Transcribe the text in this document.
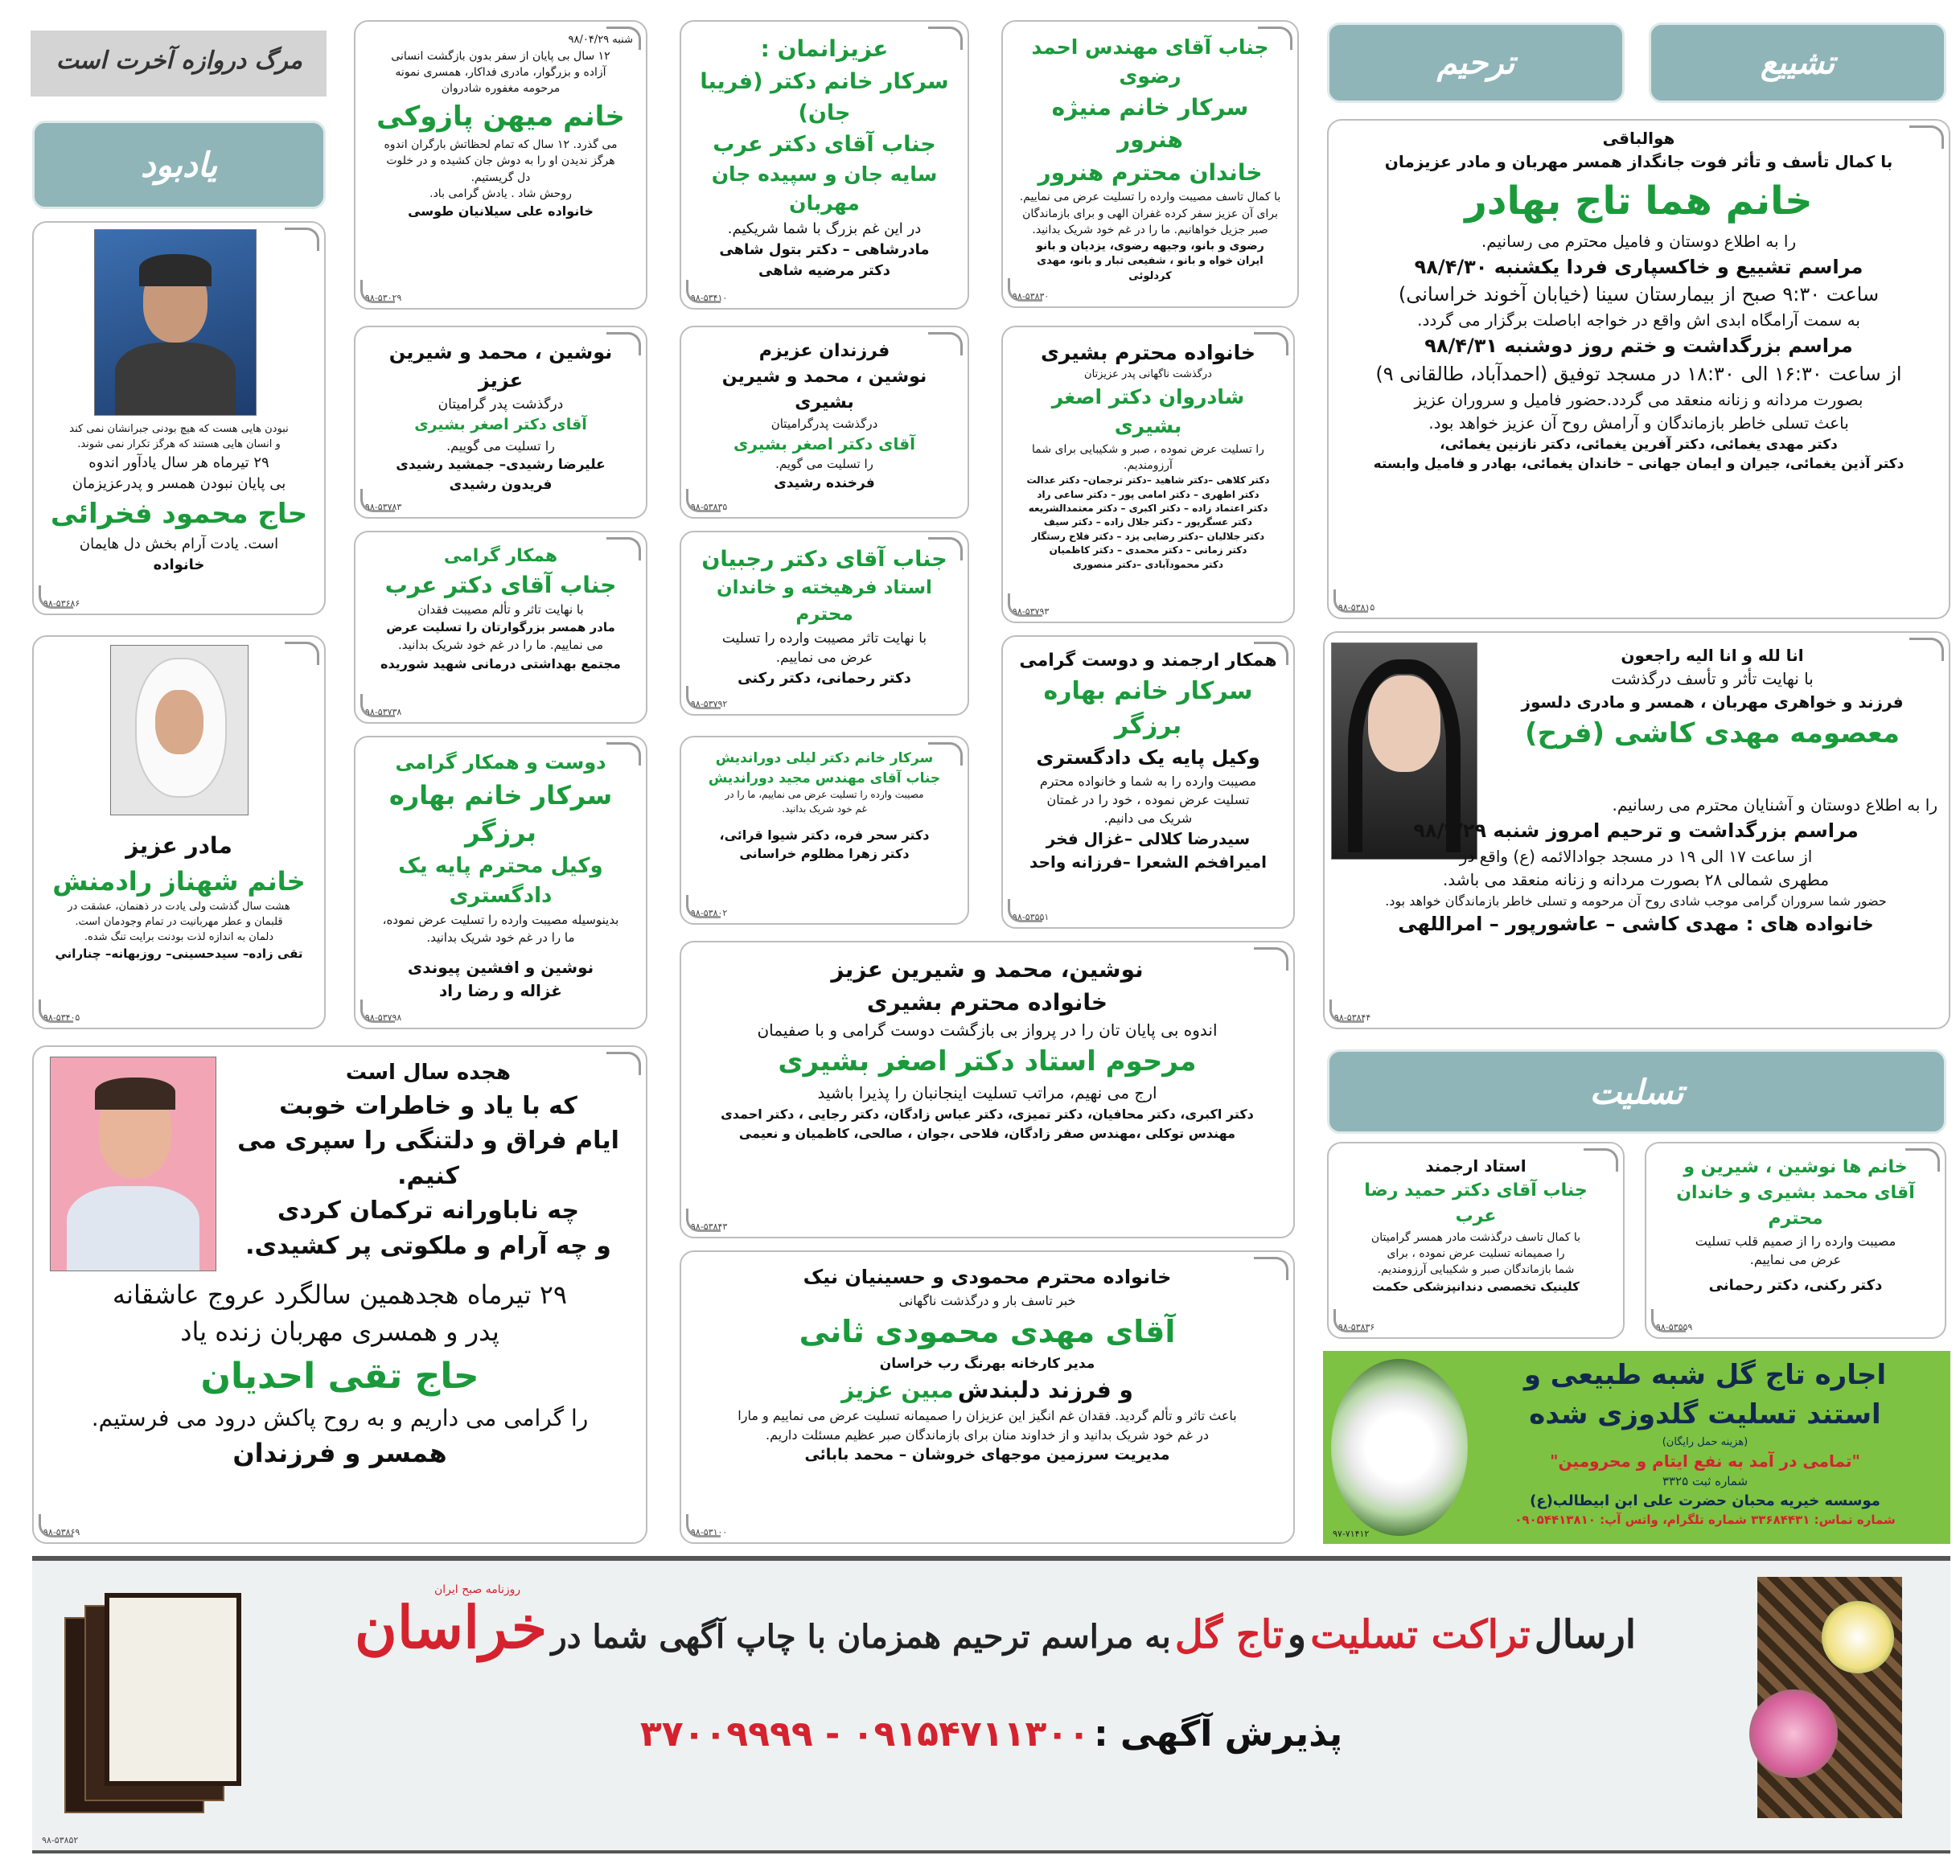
تشییع
ترحیم
مرگ دروازه آخرت است
یادبود
تسلیت
هوالباقی
با کمال تأسف و تأثر فوت جانگداز همسر مهربان و مادر عزیزمان
خانم هما تاج بهادر
را به اطلاع دوستان و فامیل محترم می رسانیم.
مراسم تشییع و خاکسپاری فردا یکشنبه ۹۸/۴/۳۰
ساعت ۹:۳۰ صبح از بیمارستان سینا (خیابان آخوند خراسانی)
به سمت آرامگاه ابدی اش واقع در خواجه اباصلت برگزار می گردد.
مراسم بزرگداشت و ختم روز دوشنبه ۹۸/۴/۳۱
از ساعت ۱۶:۳۰ الی ۱۸:۳۰ در مسجد توفیق (احمدآباد، طالقانی ۹)
بصورت مردانه و زنانه منعقد می گردد.حضور فامیل و سروران عزیز
باعث تسلی خاطر بازماندگان و آرامش روح آن عزیز خواهد بود.
دکتر مهدی یغمائی، دکتر آفرین یغمائی، دکتر نازنین یغمائی،
دکتر آذین یغمائی، جیران و ایمان جهانی – خاندان یغمائی، بهادر و فامیل وابسته
۹۸-۵۳۸۱۵
انا لله و انا الیه راجعون
با نهایت تأثر و تأسف درگذشت
فرزند و خواهری مهربان ، همسر و مادری دلسوز
معصومه مهدی کاشی (فرح)
را به اطلاع دوستان و آشنایان محترم می رسانیم.
مراسم بزرگداشت و ترحیم امروز شنبه ۹۸/۴/۲۹
از ساعت ۱۷ الی ۱۹ در مسجد جوادالائمه (ع) واقع در
مطهری شمالی ۲۸ بصورت مردانه و زنانه منعقد می باشد.
حضور شما سروران گرامی موجب شادی روح آن مرحومه و تسلی خاطر بازماندگان خواهد بود.
خانواده های : مهدی کاشی – عاشورپور – امراللهی
۹۸-۵۳۸۴۴
استاد ارجمند
جناب آقای دکتر حمید رضا عرب
با کمال تاسف درگذشت مادر همسر گرامیتان
را صمیمانه تسلیت عرض نموده ، برای
شما بازماندگان صبر و شکیبایی آرزومندیم.
کلینیک تخصصی دندانپزشکی حکمت
۹۸-۵۳۸۳۶
خانم ها نوشین ، شیرین و
آقای محمد بشیری و خاندان محترم
مصیبت وارده را از صمیم قلب تسلیت
عرض می نماییم.
دکتر رکنی، دکتر رحمانی
۹۸-۵۳۵۵۹
اجاره تاج گل شبه طبیعی و
استند تسلیت گلدوزی شده
(هزینه حمل رایگان)
"تمامی در آمد به نفع ایتام و محرومین"
شماره ثبت ۳۳۲۵
موسسه خیریه محبان حضرت علی ابن ابیطالب(ع)
شماره تماس: ۳۳۶۸۴۴۳۱ شماره تلگرام، واتس آپ: ۰۹۰۵۴۴۱۳۸۱۰
۹۷-۷۱۴۱۲
جناب آقای مهندس احمد رضوی
سرکار خانم منیژه هنرور
خاندان محترم هنرور
با کمال تاسف مصیبت وارده را تسلیت عرض می نماییم.
برای آن عزیز سفر کرده غفران الهی و برای بازماندگان
صبر جزیل خواهانیم. ما را در غم خود شریک بدانید.
رضوی و بانو، وجیهه رضوی، یزدیان و بانو
ایران خواه و بانو ، شفیعی تبار و بانو، مهدی کردلوئی
۹۸-۵۳۸۳۰
خانواده محترم بشیری
درگذشت ناگهانی پدر عزیزتان
شادروان دکتر اصغر بشیری
را تسلیت عرض نموده ، صبر و شکیبایی برای شما
آرزومندیم.
دکتر کلاهی –دکتر شاهید –دکتر ترجمان– دکتر عدالت
دکتر اطهری – دکتر امامی پور – دکتر ساعی راد
دکتر اعتماد زاده – دکتر اکبری – دکتر معتمدالشریعه
دکتر عسگرپور – دکتر جلال زاده – دکتر سیف
دکتر جلالیان –دکتر رضایی یزد – دکتر فلاح رستگار
دکتر زمانی – دکتر محمدی – دکتر کاظمیان
دکتر محمودآبادی –دکتر منصوری
۹۸-۵۳۷۹۳
همکار ارجمند و دوست گرامی
سرکار خانم بهاره برزگر
وکیل پایه یک دادگستری
مصیبت وارده را به شما و خانواده محترم
تسلیت عرض نموده ، خود را در غمتان
شریک می دانیم.
سیدرضا کلالی –غزال فخر
امیرافخم الشعرا –فرزانه واحد
۹۸-۵۳۵۵۱
عزیزانمان :
سرکار خانم دکتر (فریبا جان)
جناب آقای دکتر عرب
سایه جان و سپیده جان مهربان
در این غم بزرگ با شما شریکیم.
مادرشاهی – دکتر بتول شاهی
دکتر مرضیه شاهی
۹۸-۵۳۴۱۰
فرزندان عزیزم
نوشین ، محمد و شیرین بشیری
درگذشت پدرگرامیتان
آقای دکتر اصغر بشیری
را تسلیت می گویم.
فرخنده رشیدی
۹۸-۵۳۸۳۵
جناب آقای دکتر رجبیان
استاد فرهیخته و خاندان محترم
با نهایت تاثر مصیبت وارده را تسلیت
عرض می نماییم.
دکتر رحمانی، دکتر رکنی
۹۸-۵۳۷۹۲
سرکار خانم دکتر لیلی دوراندیش
جناب آقای مهندس مجید دوراندیش
مصیبت وارده را تسلیت عرض می نماییم، ما را در
غم خود شریک بدانید.
دکتر سحر فره، دکتر شیوا قرائی،
دکتر زهرا مظلوم خراسانی
۹۸-۵۳۸۰۲
نوشین، محمد و شیرین عزیز
خانواده محترم بشیری
اندوه بی پایان تان را در پرواز بی بازگشت دوست گرامی و با صفیمان
مرحوم استاد دکتر اصغر بشیری
ارج می نهیم، مراتب تسلیت اینجانبان را پذیرا باشید
دکتر اکبری، دکتر محافیان، دکتر تمیزی، دکتر عباس زادگان، دکتر رجایی ، دکتر احمدی
مهندس توکلی ،مهندس صفر زادگان، فلاحی ،جوان ، صالحی، کاظمیان و نعیمی
۹۸-۵۳۸۴۳
خانواده محترم محمودی و حسینیان نیک
خبر تاسف بار و درگذشت ناگهانی
آقای مهدی محمودی ثانی
مدیر کارخانه بهرنگ رب خراسان
و فرزند دلبندش مبین عزیز
باعث تاثر و تألم گردید. فقدان غم انگیز این عزیزان را صمیمانه تسلیت عرض می نماییم و مارا
در غم خود شریک بدانید و از خداوند منان برای بازماندگان صبر عظیم مسئلت داریم.
مدیریت سرزمین موجهای خروشان – محمد بابائی
۹۸-۵۳۱۰۰
شنبه ۹۸/۰۴/۲۹
۱۲ سال بی پایان از سفر بدون بازگشت انسانی
آزاده و بزرگوار، مادری فداکار، همسری نمونه
مرحومه مغفوره شادروان
خانم میهن پازوکی
می گذرد. ۱۲ سال که تمام لحظاتش بارگران اندوه
هرگز ندیدن او را به دوش جان کشیده و در خلوت
دل گریستیم.
روحش شاد . یادش گرامی باد.
خانواده علی سیلانیان طوسی
۹۸-۵۳۰۲۹
نوشین ، محمد و شیرین عزیز
درگذشت پدر گرامیتان
آقای دکتر اصغر بشیری
را تسلیت می گوییم.
علیرضا رشیدی– جمشید رشیدی
فریدون رشیدی
۹۸-۵۳۷۸۳
همکار گرامی
جناب آقای دکتر عرب
با نهایت تاثر و تألم مصیبت فقدان
مادر همسر بزرگوارتان را تسلیت عرض
می نماییم. ما را در غم خود شریک بدانید.
مجتمع بهداشتی درمانی شهید شوریده
۹۸-۵۳۷۳۸
دوست و همکار گرامی
سرکار خانم بهاره برزگر
وکیل محترم پایه یک دادگستری
بدینوسیله مصیبت وارده را تسلیت عرض نموده،
ما را در غم خود شریک بدانید.
نوشین و افشین پیوندی
غزاله و رضا راد
۹۸-۵۳۷۹۸
نبودن هایی هست که هیچ بودنی جبرانشان نمی کند
و انسان هایی هستند که هرگز تکرار نمی شوند.
۲۹ تیرماه هر سال یادآور اندوه
بی پایان نبودن همسر و پدرعزیزمان
حاج محمود فخرائی
است. یادت آرام بخش دل هایمان
خانواده
۹۸-۵۳۶۸۶
مادر عزیز
خانم شهناز رادمنش
هشت سال گذشت ولی یادت در ذهنمان، عشقت در
قلبمان و عطر مهربانیت در تمام وجودمان است.
دلمان به اندازه لذت بودنت برایت تنگ شده.
تقی زاده– سیدحسینی– روزبهانه– چناراني
۹۸-۵۳۴۰۵
هجده سال است
که با یاد و خاطرات خوبت
ایام فراق و دلتنگی را سپری می کنیم.
چه ناباورانه ترکمان کردی
و چه آرام و ملکوتی پر کشیدی.
۲۹ تیرماه هجدهمین سالگرد عروج عاشقانه
پدر و همسری مهربان زنده یاد
حاج تقی احدیان
را گرامی می داریم و به روح پاکش درود می فرستیم.
همسر و فرزندان
۹۸-۵۳۸۶۹
ارسال تراکت تسلیت و تاج گل به مراسم ترحیم همزمان با چاپ آگهی شما در خراسان
روزنامه صبح ایران
پذیرش آگهی : ۰۹۱۵۴۷۱۱۳۰۰ - ۳۷۰۰۹۹۹۹
۹۸-۵۳۸۵۲
